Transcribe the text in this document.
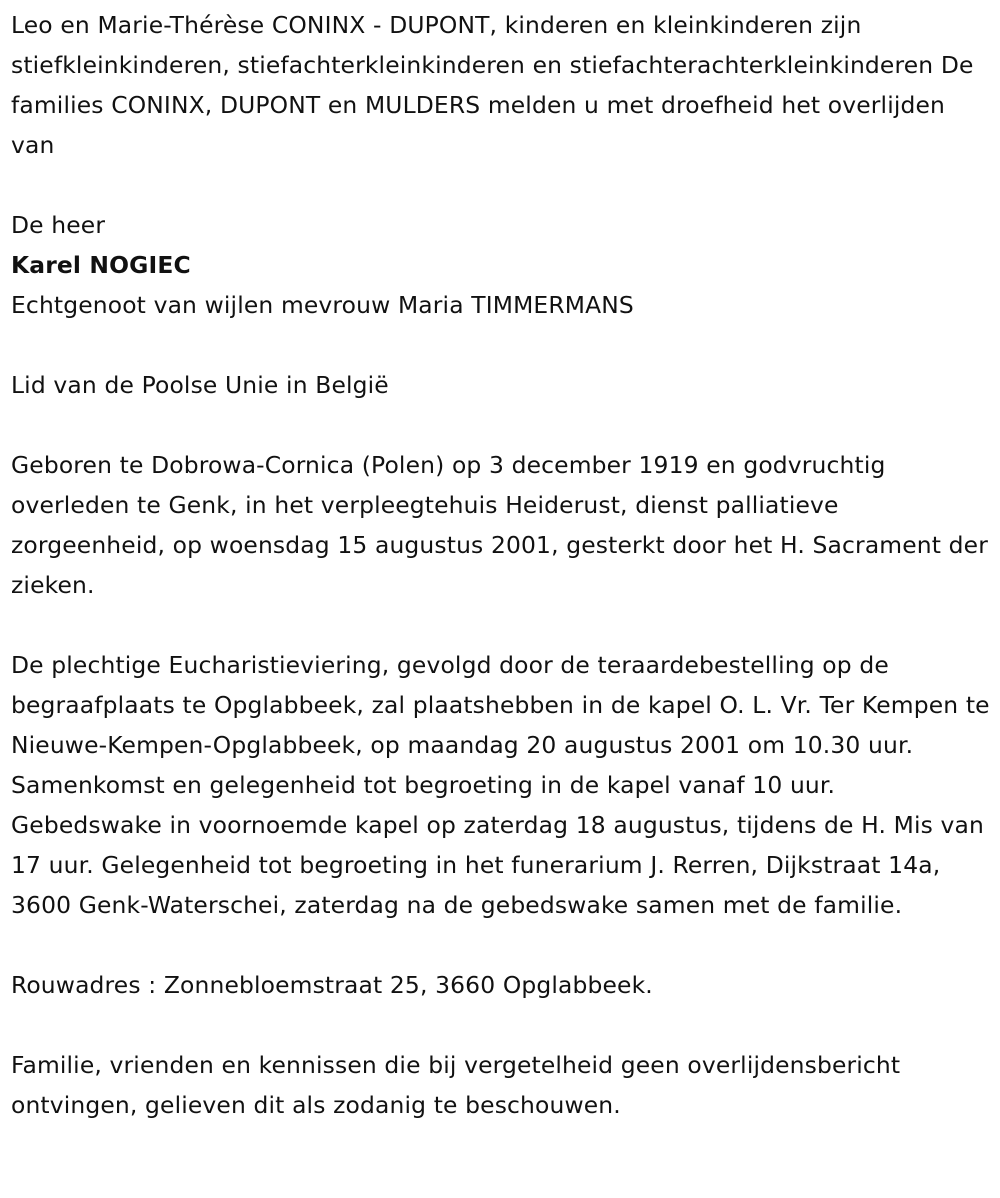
Leo en Marie-Thérèse CONINX - DUPONT, kinderen en kleinkinderen zijn stiefkleinkinderen, stiefachterkleinkinderen en stiefachterachterkleinkinderen De families CONINX, DUPONT en MULDERS melden u met droefheid het overlijden van

De heer

Karel NOGIEC

Echtgenoot van wijlen mevrouw Maria TIMMERMANS

Lid van de Poolse Unie in België

Geboren te Dobrowa-Cornica (Polen) op 3 december 1919 en godvruchtig overleden te Genk, in het verpleegtehuis Heiderust, dienst palliatieve zorgeenheid, op woensdag 15 augustus 2001, gesterkt door het H. Sacrament der zieken.

De plechtige Eucharistieviering, gevolgd door de teraardebestelling op de begraafplaats te Opglabbeek, zal plaatshebben in de kapel O. L. Vr. Ter Kempen te Nieuwe-Kempen-Opglabbeek, op maandag 20 augustus 2001 om 10.30 uur. Samenkomst en gelegenheid tot begroeting in de kapel vanaf 10 uur. Gebedswake in voornoemde kapel op zaterdag 18 augustus, tijdens de H. Mis van 17 uur. Gelegenheid tot begroeting in het funerarium J. Rerren, Dijkstraat 14a, 3600 Genk-Waterschei, zaterdag na de gebedswake samen met de familie.

Rouwadres : Zonnebloemstraat 25, 3660 Opglabbeek.

Familie, vrienden en kennissen die bij vergetelheid geen overlijdensbericht ontvingen, gelieven dit als zodanig te beschouwen.
